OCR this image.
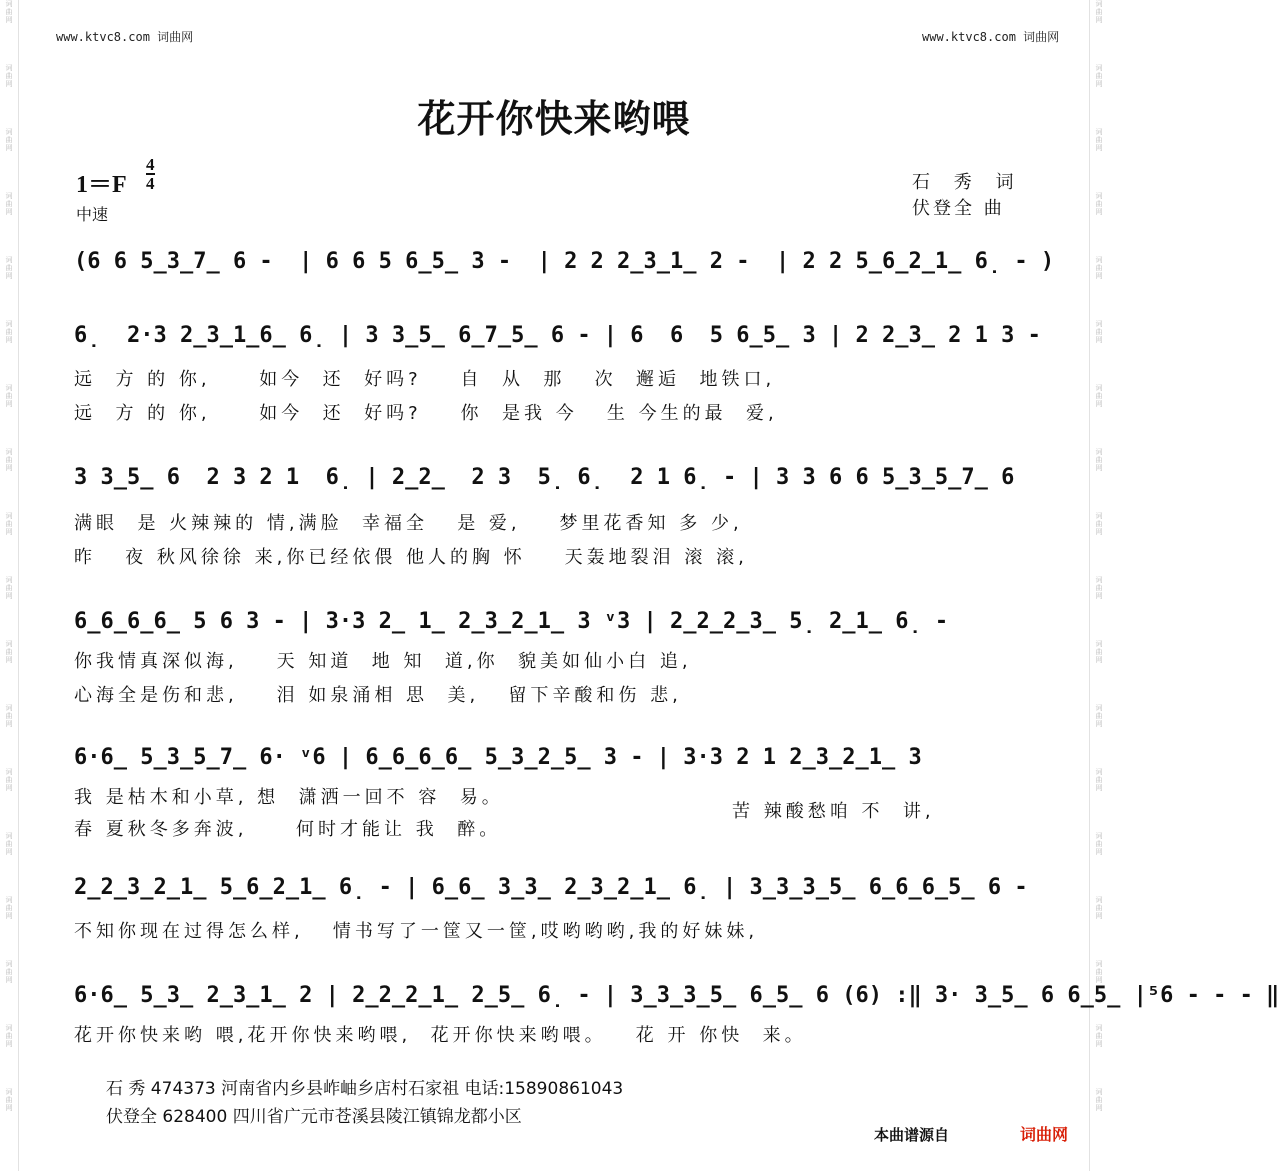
词
曲
网
词
曲
网
词
曲
网
词
曲
网
词
曲
网
词
曲
网
词
曲
网
词
曲
网
词
曲
网
词
曲
网
词
曲
网
词
曲
网
词
曲
网
词
曲
网
词
曲
网
词
曲
网
词
曲
网
词
曲
网
词
曲
网
词
曲
网
词
曲
网
词
曲
网
词
曲
网
词
曲
网
词
曲
网
词
曲
网
词
曲
网
词
曲
网
词
曲
网
词
曲
网
词
曲
网
词
曲
网
词
曲
网
词
曲
网
词
曲
网
词
曲
网
www.ktvc8.com 词曲网	www.ktvc8.com 词曲网
花开你快来哟喂
1＝F
4
4
中速
石 秀 词
伏登全 曲
(6 6 5̲3̲7̲ 6 -  | 6 6 5 6̲5̲ 3 -  | 2 2 2̲3̲1̲ 2 -  | 2 2 5̲6̲2̲1̲ 6̣ - )
6̣  2·3 2̲3̲1̲6̲ 6̣ | 3 3̲5̲ 6̲7̲5̲ 6 - | 6  6  5 6̲5̲ 3 | 2 2̲3̲ 2 1 3 -
远  方 的 你,     如今  还  好吗?    自  从  那   次  邂逅  地铁口,
远  方 的 你,     如今  还  好吗?    你  是我 今   生 今生的最  爱,
3 3̲5̲ 6  2 3 2 1  6̣ | 2̲2̲  2 3  5̣ 6̣  2 1 6̣ - | 3 3 6 6 5̲3̲5̲7̲ 6
满眼  是 火辣辣的 情,满脸  幸福全   是 爱,    梦里花香知 多 少,
昨   夜 秋风徐徐 来,你已经依偎 他人的胸 怀    天轰地裂泪 滚 滚,
6̲6̲6̲6̲ 5 6 3 - | 3·3 2̲ 1̲ 2̲3̲2̲1̲ 3 ᵛ3 | 2̲2̲2̲3̲ 5̣ 2̲1̲ 6̣ -
你我情真深似海,    天 知道  地 知  道,你  貌美如仙小白 追,
心海全是伤和悲,    泪 如泉涌相 思  美,   留下辛酸和伤 悲,
6·6̲ 5̲3̲5̲7̲ 6· ᵛ6 | 6̲6̲6̲6̲ 5̲3̲2̲5̲ 3 - | 3·3 2 1 2̲3̲2̲1̲ 3
我 是枯木和小草, 想  潇洒一回不 容  易。
春 夏秋冬多奔波,     何时才能让 我  醉。
苦 辣酸愁咱 不  讲,
2̲2̲3̲2̲1̲ 5̲6̲2̲1̲ 6̣ - | 6̲6̲ 3̲3̲ 2̲3̲2̲1̲ 6̣ | 3̲3̲3̲5̲ 6̲6̲6̲5̲ 6 -
不知你现在过得怎么样,   情书写了一筐又一筐,哎哟哟哟,我的好妹妹,
6·6̲ 5̲3̲ 2̲3̲1̲ 2 | 2̲2̲2̲1̲ 2̲5̲ 6̣ - | 3̲3̲3̲5̲ 6̲5̲ 6 (6) :‖ 3· 3̲5̲ 6 6̲5̲ |⁵6 - - - ‖
花开你快来哟 喂,花开你快来哟喂,  花开你快来哟喂。   花 开 你快  来。
石 秀 474373 河南省内乡县岞岫乡店村石家祖 电话:15890861043
伏登全 628400 四川省广元市苍溪县陵江镇锦龙都小区
本曲谱源自	词曲网
